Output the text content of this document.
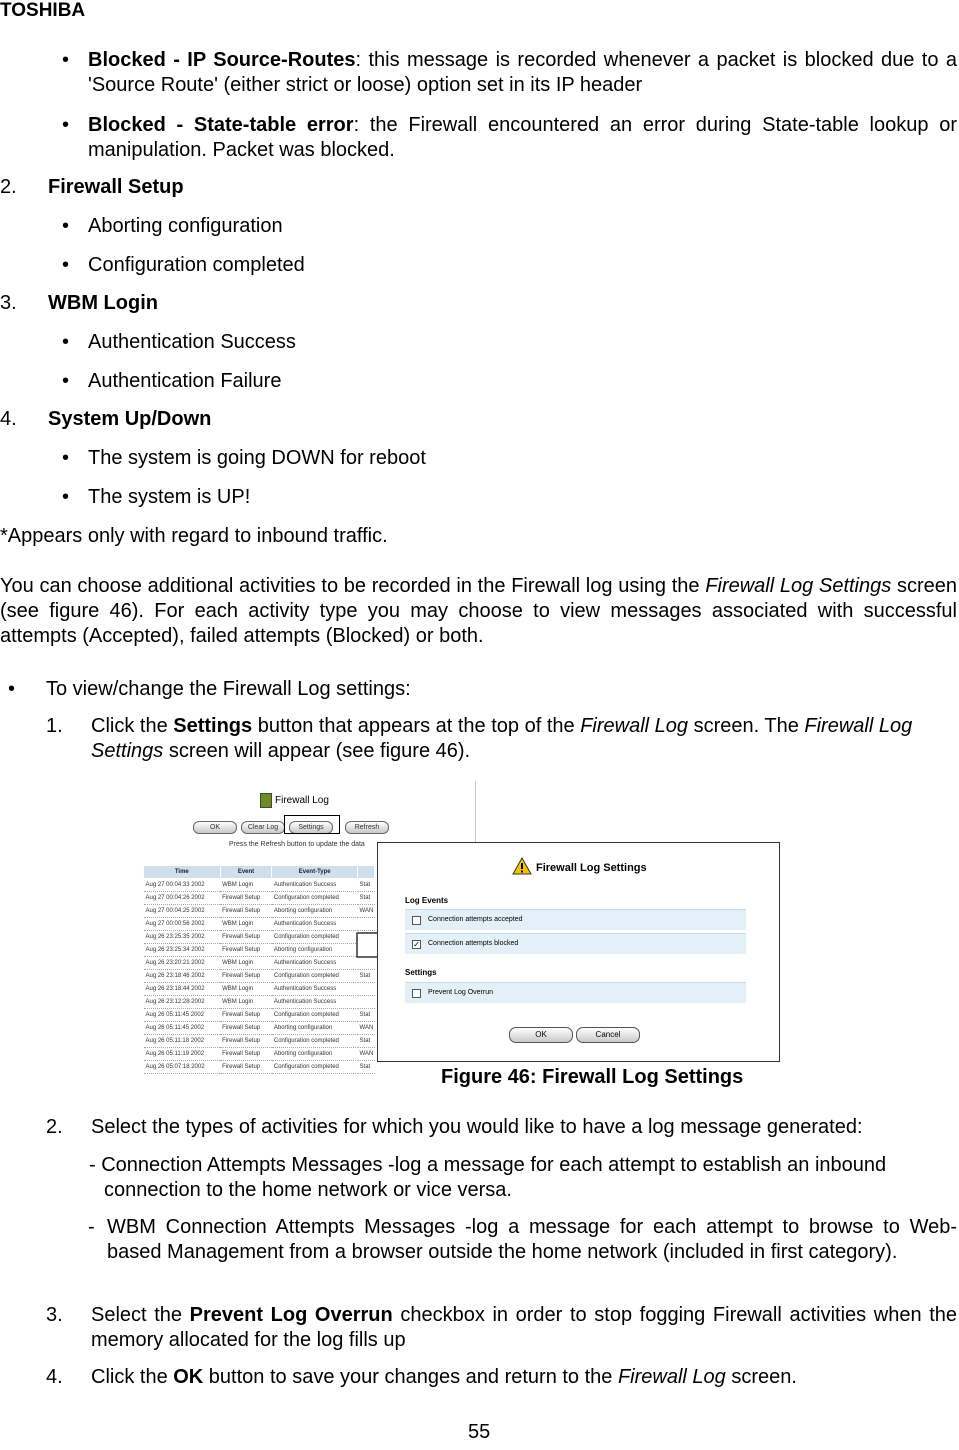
TOSHIBA
• Blocked - IP Source-Routes: this message is recorded whenever a packet is blocked due to a 'Source Route' (either strict or loose) option set in its IP header
• Blocked - State-table error: the Firewall encountered an error during State-table lookup or manipulation. Packet was blocked.
2. Firewall Setup
• Aborting configuration
• Configuration completed
3. WBM Login
• Authentication Success
• Authentication Failure
4. System Up/Down
• The system is going DOWN for reboot
• The system is UP!
*Appears only with regard to inbound traffic.
You can choose additional activities to be recorded in the Firewall log using the Firewall Log Settings screen (see figure 46). For each activity type you may choose to view messages associated with successful attempts (Accepted), failed attempts (Blocked) or both.
•	To view/change the Firewall Log settings:
1. Click the Settings button that appears at the top of the Firewall Log screen. The Firewall Log Settings screen will appear (see figure 46).
Firewall Log
OK	Clear Log	Settings	Refresh
Press the Refresh button to update the data
Time	Event	Event-Type	
Aug 27 00:04:33 2002	WBM Login	Authentication Success	Stat
Aug 27 00:04:26 2002	Firewall Setup	Configuration completed	Stat
Aug 27 00:04:25 2002	Firewall Setup	Aborting configuration	WAN
Aug 27 00:00:56 2002	WBM Login	Authentication Success	
Aug 26 23:25:35 2002	Firewall Setup	Configuration completed	
Aug 26 23:25:34 2002	Firewall Setup	Aborting configuration	
Aug 26 23:20:21 2002	WBM Login	Authentication Success	
Aug 26 23:18:46 2002	Firewall Setup	Configuration completed	Stat
Aug 26 23:18:44 2002	WBM Login	Authentication Success	
Aug 26 23:12:28 2002	WBM Login	Authentication Success	
Aug 26 05:11:45 2002	Firewall Setup	Configuration completed	Stat
Aug 26 05:11:45 2002	Firewall Setup	Aborting configuration	WAN
Aug 26 05:11:18 2002	Firewall Setup	Configuration completed	Stat
Aug 26 05:11:19 2002	Firewall Setup	Aborting configuration	WAN
Aug 26 05:07:18 2002	Firewall Setup	Configuration completed	Stat
Firewall Log Settings
Log Events
Connection attempts accepted
✓ Connection attempts blocked
Settings
Prevent Log Overrun
OK	Cancel
Figure 46: Firewall Log Settings
2. Select the types of activities for which you would like to have a log message generated:
- Connection Attempts Messages -log a message for each attempt to establish an inbound connection to the home network or vice versa.
- WBM Connection Attempts Messages -log a message for each attempt to browse to Web-based Management from a browser outside the home network (included in first category).
3. Select the Prevent Log Overrun checkbox in order to stop fogging Firewall activities when the memory allocated for the log fills up
4. Click the OK button to save your changes and return to the Firewall Log screen.
55
